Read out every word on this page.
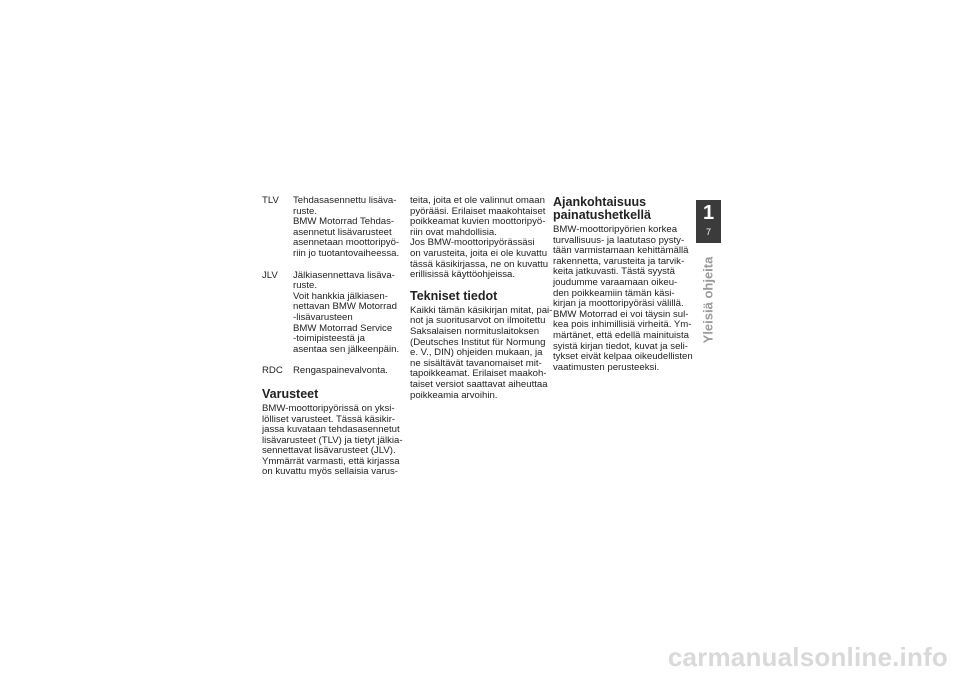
TLV	Tehdasasennettu lisäva-
ruste.
BMW Motorrad Tehdas-
asennetut lisävarusteet
asennetaan moottoripyö-
riin jo tuotantovaiheessa.
JLV	Jälkiasennettava lisäva-
ruste.
Voit hankkia jälkiasen-
nettavan BMW Motorrad
-lisävarusteen
BMW Motorrad Service
-toimipisteestä ja
asentaa sen jälkeenpäin.
RDC	Rengaspainevalvonta.
Varusteet
BMW-moottoripyörissä on yksi-
lölliset varusteet. Tässä käsikir-
jassa kuvataan tehdasasennetut
lisävarusteet (TLV) ja tietyt jälkia-
sennettavat lisävarusteet (JLV).
Ymmärrät varmasti, että kirjassa
on kuvattu myös sellaisia varus-
teita, joita et ole valinnut omaan
pyörääsi. Erilaiset maakohtaiset
poikkeamat kuvien moottoripyö-
riin ovat mahdollisia.
Jos BMW-moottoripyörässäsi
on varusteita, joita ei ole kuvattu
tässä käsikirjassa, ne on kuvattu
erillisissä käyttöohjeissa.
Tekniset tiedot
Kaikki tämän käsikirjan mitat, pai-
not ja suoritusarvot on ilmoitettu
Saksalaisen normituslaitoksen
(Deutsches Institut für Normung
e. V., DIN) ohjeiden mukaan, ja
ne sisältävät tavanomaiset mit-
tapoikkeamat. Erilaiset maakoh-
taiset versiot saattavat aiheuttaa
poikkeamia arvoihin.
Ajankohtaisuus
painatushetkellä
BMW-moottoripyörien korkea
turvallisuus- ja laatutaso pysty-
tään varmistamaan kehittämällä
rakennetta, varusteita ja tarvik-
keita jatkuvasti. Tästä syystä
joudumme varaamaan oikeu-
den poikkeamiin tämän käsi-
kirjan ja moottoripyöräsi välillä.
BMW Motorrad ei voi täysin sul-
kea pois inhimillisiä virheitä. Ym-
märtänet, että edellä mainituista
syistä kirjan tiedot, kuvat ja seli-
tykset eivät kelpaa oikeudellisten
vaatimusten perusteeksi.
1
7
Yleisiä ohjeita
carmanualsonline.info
